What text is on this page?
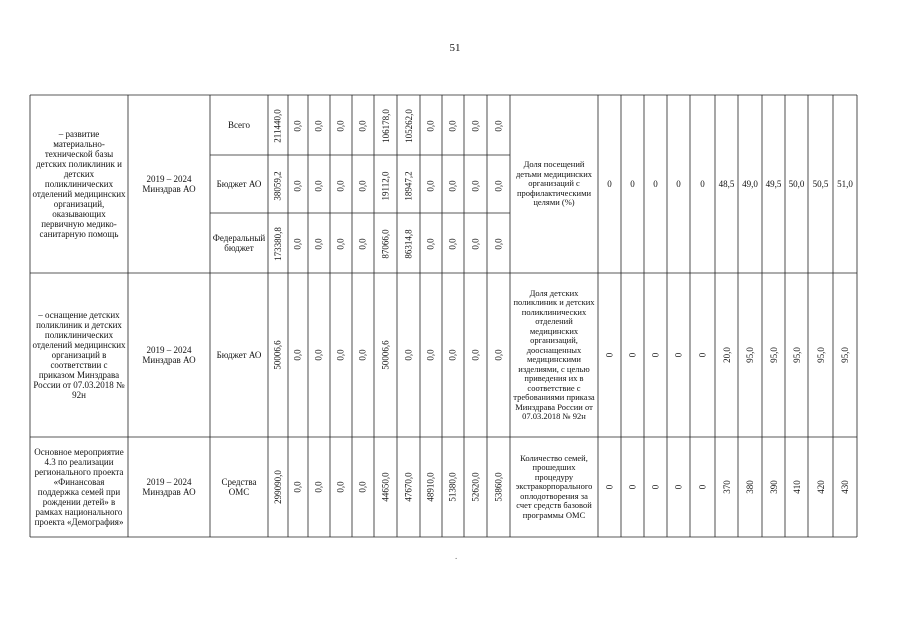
51
– развитие материально-технической базы детских поликлиник и детских поликлинических отделений медицинских организаций, оказывающих первичную медико-санитарную помощь
2019 – 2024 Минздрав АО
Всего	211440,0 0,0 0,0 0,0 0,0 106178,0 105262,0 0,0 0,0 0,0 0,0
Бюджет АО 38059,2 0,0 0,0 0,0 0,0 19112,0 18947,2 0,0 0,0 0,0 0,0
Федеральный бюджет	173380,8 0,0 0,0 0,0 0,0 87066,0 86314,8 0,0 0,0 0,0 0,0
Доля посещений детьми медицинских организаций с профилактическими целями (%)
0 0 0 0 0 48,5 49,0 49,5 50,0 50,5 51,0
– оснащение детских поликлиник и детских поликлинических отделений медицинских организаций в соответствии с приказом Минздрава России от 07.03.2018 № 92н
2019 – 2024 Минздрав АО	Бюджет АО 50006,6 0,0 0,0 0,0 0,0 50006,6 0,0 0,0 0,0 0,0 0,0
Доля детских поликлиник и детских поликлинических отделений медицинских организаций, дооснащенных медицинскими изделиями, с целью приведения их в соответствие с требованиями приказа Минздрава России от 07.03.2018 № 92н
0 0 0 0 0 20,0 95,0 95,0 95,0 95,0 95,0
Основное мероприятие 4.3 по реализации регионального проекта «Финансовая поддержка семей при рождении детей» в рамках национального проекта «Демография»
2019 – 2024 Минздрав АО
Средства ОМС	299090,0 0,0 0,0 0,0 0,0 44650,0 47670,0 48910,0 51380,0 52620,0 53860,0
Количество семей, прошедших процедуру экстракорпорального оплодотворения за счет средств базовой программы ОМС
0 0 0 0 0 370 380 390 410 420 430
.
